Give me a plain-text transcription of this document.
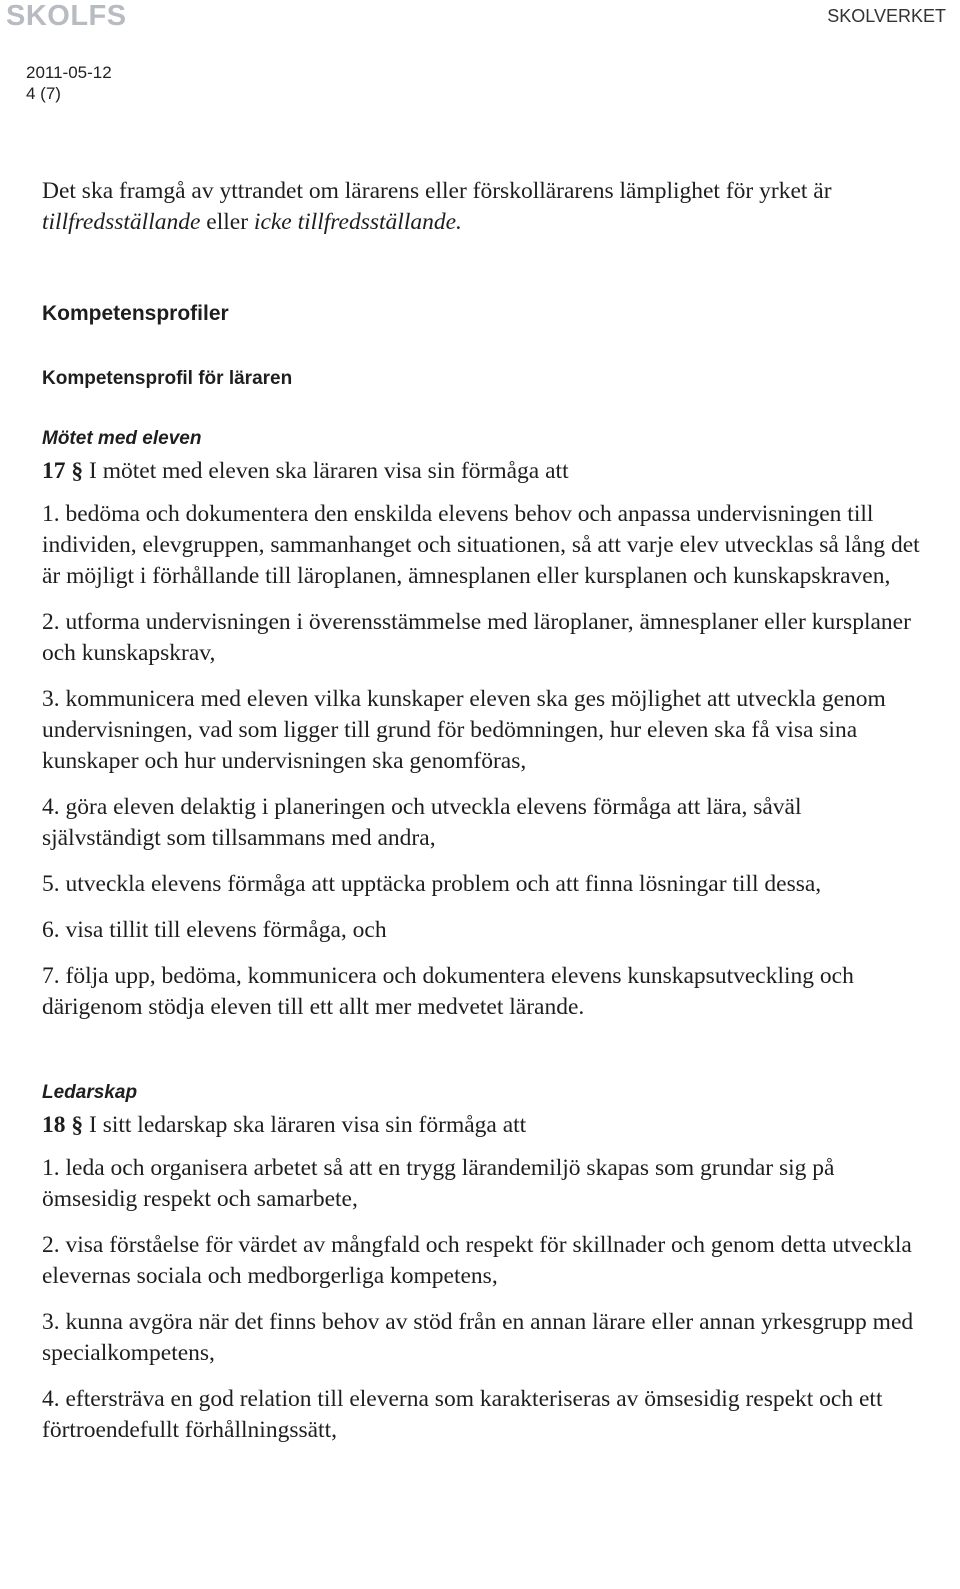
SKOLFS	SKOLVERKET
2011-05-12
4 (7)

Det ska framgå av yttrandet om lärarens eller förskollärarens lämplighet för yrket är tillfredsställande eller icke tillfredsställande.

Kompetensprofiler
Kompetensprofil för läraren
Mötet med eleven

17 § I mötet med eleven ska läraren visa sin förmåga att

1. bedöma och dokumentera den enskilda elevens behov och anpassa undervisningen till individen, elevgruppen, sammanhanget och situationen, så att varje elev utvecklas så lång det är möjligt i förhållande till läroplanen, ämnesplanen eller kursplanen och kunskapskraven,
2. utforma undervisningen i överensstämmelse med läroplaner, ämnesplaner eller kursplaner och kunskapskrav,
3. kommunicera med eleven vilka kunskaper eleven ska ges möjlighet att utveckla genom undervisningen, vad som ligger till grund för bedömningen, hur eleven ska få visa sina kunskaper och hur undervisningen ska genomföras,
4. göra eleven delaktig i planeringen och utveckla elevens förmåga att lära, såväl självständigt som tillsammans med andra,
5. utveckla elevens förmåga att upptäcka problem och att finna lösningar till dessa,
6. visa tillit till elevens förmåga, och
7. följa upp, bedöma, kommunicera och dokumentera elevens kunskapsutveckling och därigenom stödja eleven till ett allt mer medvetet lärande.
Ledarskap

18 § I sitt ledarskap ska läraren visa sin förmåga att

1. leda och organisera arbetet så att en trygg lärandemiljö skapas som grundar sig på ömsesidig respekt och samarbete,
2. visa förståelse för värdet av mångfald och respekt för skillnader och genom detta utveckla elevernas sociala och medborgerliga kompetens,
3. kunna avgöra när det finns behov av stöd från en annan lärare eller annan yrkesgrupp med specialkompetens,
4. eftersträva en god relation till eleverna som karakteriseras av ömsesidig respekt och ett förtroendefullt förhållningssätt,
